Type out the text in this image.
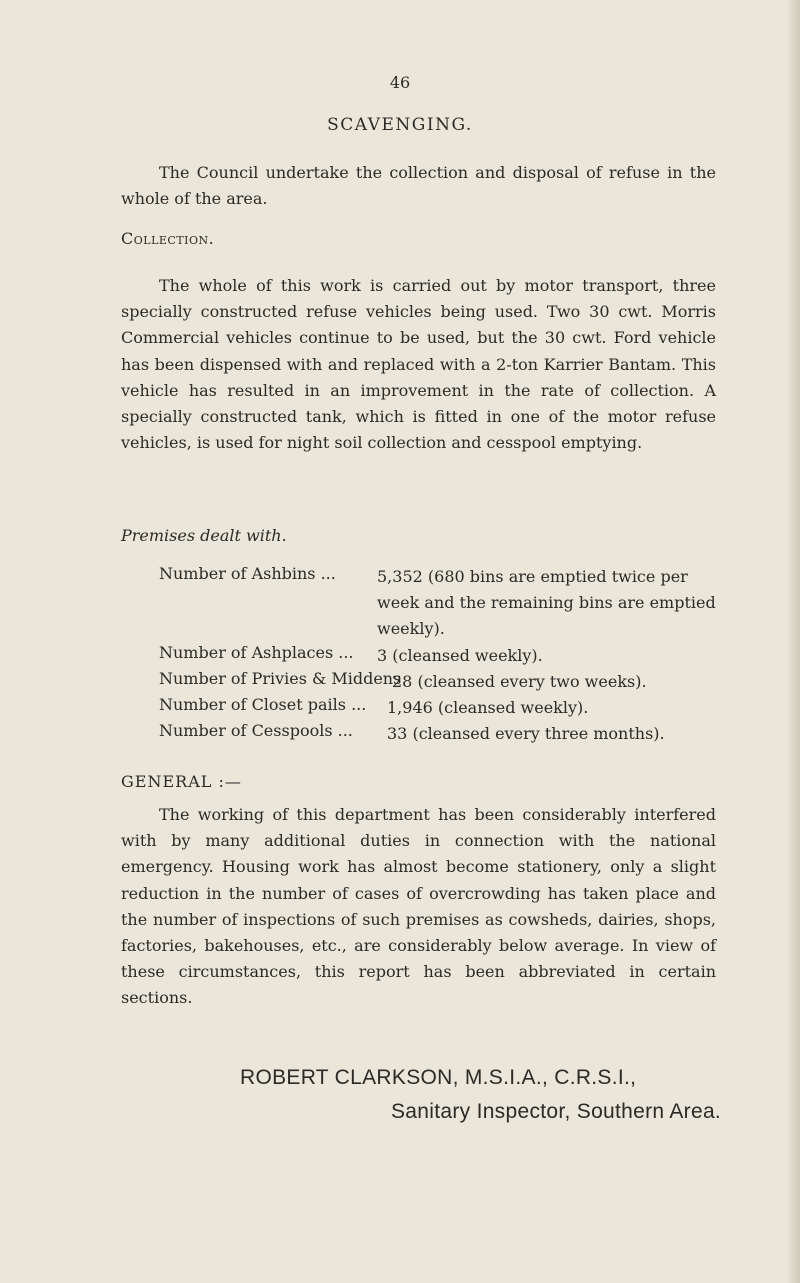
46
SCAVENGING.

The Council undertake the collection and disposal of refuse in the whole of the area.

Collection.

The whole of this work is carried out by motor transport, three specially constructed refuse vehicles being used. Two 30 cwt. Morris Commercial vehicles continue to be used, but the 30 cwt. Ford vehicle has been dispensed with and replaced with a 2-ton Karrier Bantam. This vehicle has resulted in an improvement in the rate of collection. A specially constructed tank, which is fitted in one of the motor refuse vehicles, is used for night soil collection and cesspool emptying.

Premises dealt with.
Number of Ashbins ...	5,352 (680 bins are emptied twice per week and the remaining bins are emptied weekly).
Number of Ashplaces ... 3 (cleansed weekly).
Number of Privies & Middens
28 (cleansed every two weeks).
Number of Closet pails ... 1,946 (cleansed weekly).
Number of Cesspools ... 33 (cleansed every three months).
GENERAL :—

The working of this department has been considerably interfered with by many additional duties in connection with the national emergency. Housing work has almost become stationery, only a slight reduction in the number of cases of overcrowding has taken place and the number of inspections of such premises as cowsheds, dairies, shops, factories, bakehouses, etc., are considerably below average. In view of these circumstances, this report has been abbreviated in certain sections.

ROBERT CLARKSON, M.S.I.A., C.R.S.I.,
Sanitary Inspector, Southern Area.
